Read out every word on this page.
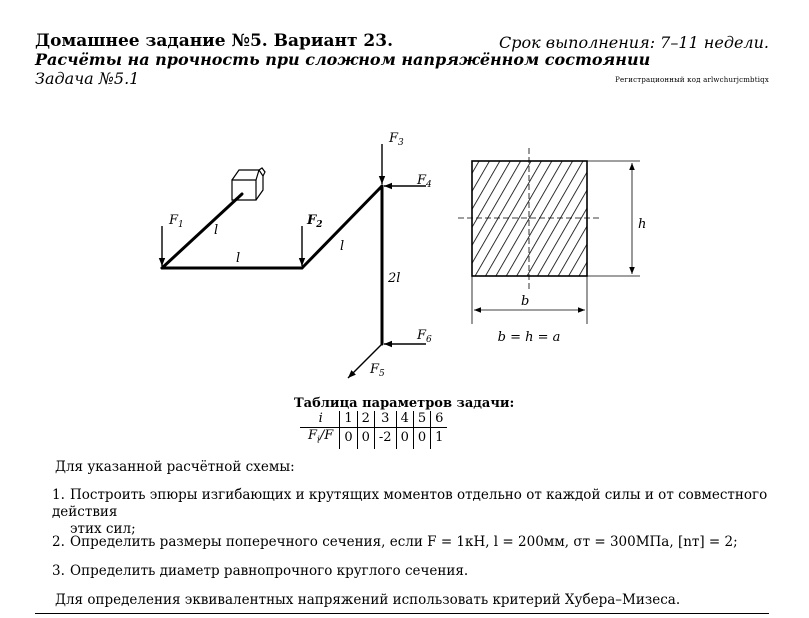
Домашнее задание №5. Вариант 23.	Срок выполнения: 7–11 недели.
Расчёты на прочность при сложном напряжённом состоянии
Задача №5.1	Регистрационный код arlwchurjcmbtiqx
$F_1$	$F_2$
$F_3$
$F_4$
$F_6$
$F_5$
l
l
l
2l
h
b
b = h = a
Таблица параметров задачи:
i	1	2	3	4	5	6
$F_i/F$	0	0	-2	0	0	1
Для указанной расчётной схемы:
1. Построить эпюры изгибающих и крутящих моментов отдельно от каждой силы и от совместного действия
этих сил;
2. Определить размеры поперечного сечения, если F = 1кН, l = 200мм, σт = 300МПа, [nт] = 2;
3. Определить диаметр равнопрочного круглого сечения.
Для определения эквивалентных напряжений использовать критерий Хубера–Мизеса.
